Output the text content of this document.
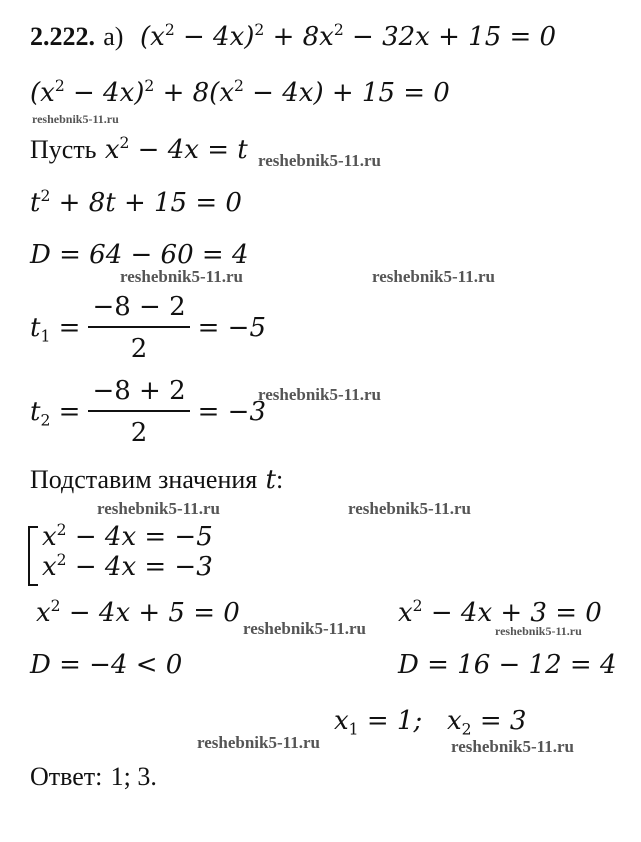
2.222. а)  $(x^2 - 4x)^2 + 8x^2 - 32x + 15 = 0$
$(x^2 - 4x)^2 + 8(x^2 - 4x) + 15 = 0$
Пусть $x^2 - 4x = t$
$t^2 + 8t + 15 = 0$
D = 64 − 60 = 4
$t_1 = \frac{-8 - 2}{2} = -5$
$t_2 = \frac{-8 + 2}{2} = -3$
Подставим значения t:
$x^2 - 4x = -5$
$x^2 - 4x = -3$
$x^2 - 4x + 5 = 0$	$x^2 - 4x + 3 = 0$
D = −4 < 0	D = 16 − 12 = 4
$x_1 = 1$;   $x_2 = 3$
Ответ: 1; 3.
reshebnik5-11.ru
reshebnik5-11.ru
reshebnik5-11.ru	reshebnik5-11.ru
reshebnik5-11.ru
reshebnik5-11.ru	reshebnik5-11.ru
reshebnik5-11.ru	reshebnik5-11.ru
reshebnik5-11.ru	reshebnik5-11.ru
